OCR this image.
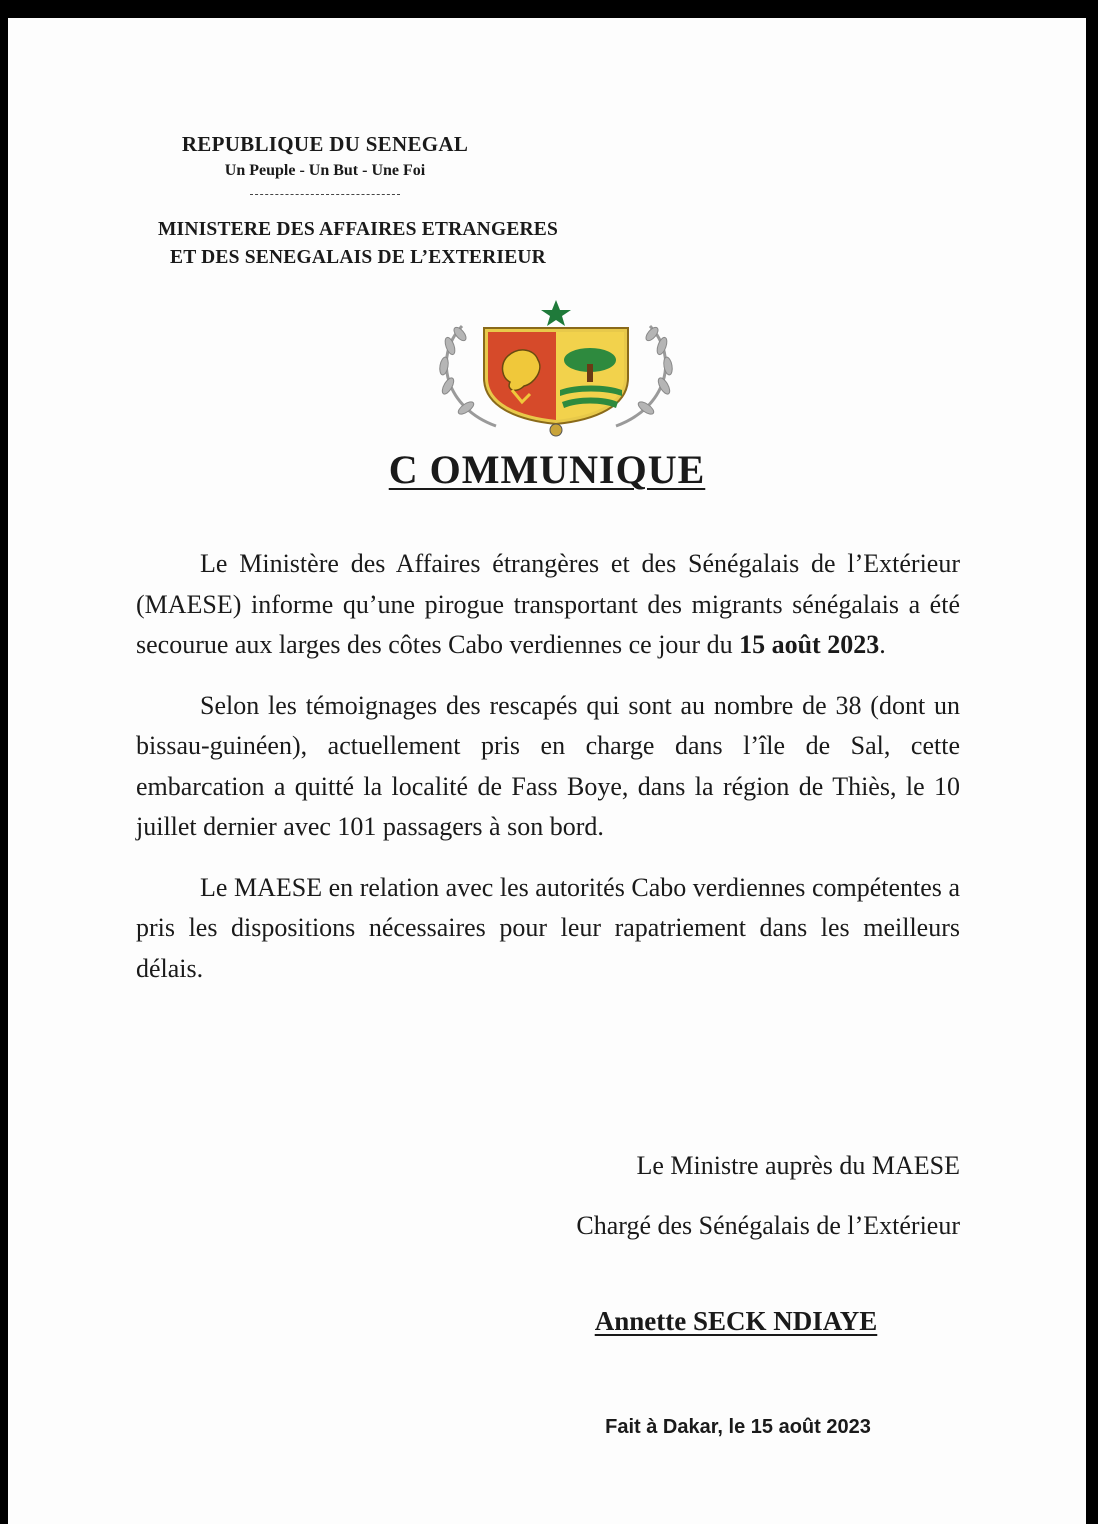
REPUBLIQUE DU SENEGAL
Un Peuple - Un But - Une Foi
MINISTERE DES AFFAIRES ETRANGERES
ET DES SENEGALAIS DE L’EXTERIEUR
C OMMUNIQUE

Le Ministère des Affaires étrangères et des Sénégalais de l’Extérieur (MAESE) informe qu’une pirogue transportant des migrants sénégalais a été secourue aux larges des côtes Cabo verdiennes ce jour du 15 août 2023.

Selon les témoignages des rescapés qui sont au nombre de 38 (dont un bissau-guinéen), actuellement pris en charge dans l’île de Sal, cette embarcation a quitté la localité de Fass Boye, dans la région de Thiès, le 10 juillet dernier avec 101 passagers à son bord.

Le MAESE en relation avec les autorités Cabo verdiennes compétentes a pris les dispositions nécessaires pour leur rapatriement dans les meilleurs délais.

Le Ministre auprès du MAESE
Chargé des Sénégalais de l’Extérieur
Annette SECK NDIAYE
Fait à Dakar, le 15 août 2023
